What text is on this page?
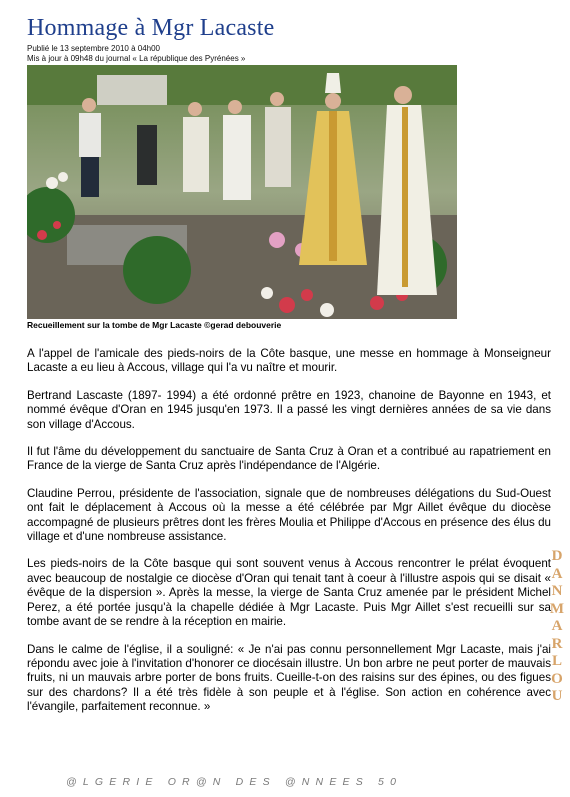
Hommage à Mgr Lacaste
Publié le 13 septembre 2010 à 04h00
Mis à jour à 09h48 du journal « La république des Pyrénées »
Recueillement sur la tombe de Mgr Lacaste ©gerad debouverie

A l'appel de l'amicale des pieds-noirs de la Côte basque, une messe en hommage à Monseigneur Lacaste a eu lieu à Accous, village qui l'a vu naître et mourir.

Bertrand Lascaste (1897- 1994) a été ordonné prêtre en 1923, chanoine de Bayonne en 1943, et nommé évêque d'Oran en 1945 jusqu'en 1973. Il a passé les vingt dernières années de sa vie dans son village d'Accous.

Il fut l'âme du développement du sanctuaire de Santa Cruz à Oran et a contribué au rapatriement en France de la vierge de Santa Cruz après l'indépendance de l'Algérie.

Claudine Perrou, présidente de l'association, signale que de nombreuses délégations du Sud-Ouest ont fait le déplacement à Accous où la messe a été célébrée par Mgr Aillet évêque du diocèse accompagné de plusieurs prêtres dont les frères Moulia et Philippe d'Accous en présence des élus du village et d'une nombreuse assistance.

Les pieds-noirs de la Côte basque qui sont souvent venus à Accous rencontrer le prélat évoquent avec beaucoup de nostalgie ce diocèse d'Oran qui tenait tant à coeur à l'illustre aspois qui se disait « évêque de la dispersion ». Après la messe, la vierge de Santa Cruz amenée par le président Michel Perez, a été portée jusqu'à la chapelle dédiée à Mgr Lacaste. Puis Mgr Aillet s'est recueilli sur sa tombe avant de se rendre à la réception en mairie.

Dans le calme de l'église, il a souligné: « Je n'ai pas connu personnellement Mgr Lacaste, mais j'ai répondu avec joie à l'invitation d'honorer ce diocésain illustre. Un bon arbre ne peut porter de mauvais fruits, ni un mauvais arbre porter de bons fruits. Cueille-t-on des raisins sur des épines, ou des figues sur des chardons? Il a été très fidèle à son peuple et à l'église. Son action en cohérence avec l'évangile, parfaitement reconnue. »

D
A
N
M
A
R
L
O
U
@LGERIE OR@N DES @NNEES 50
